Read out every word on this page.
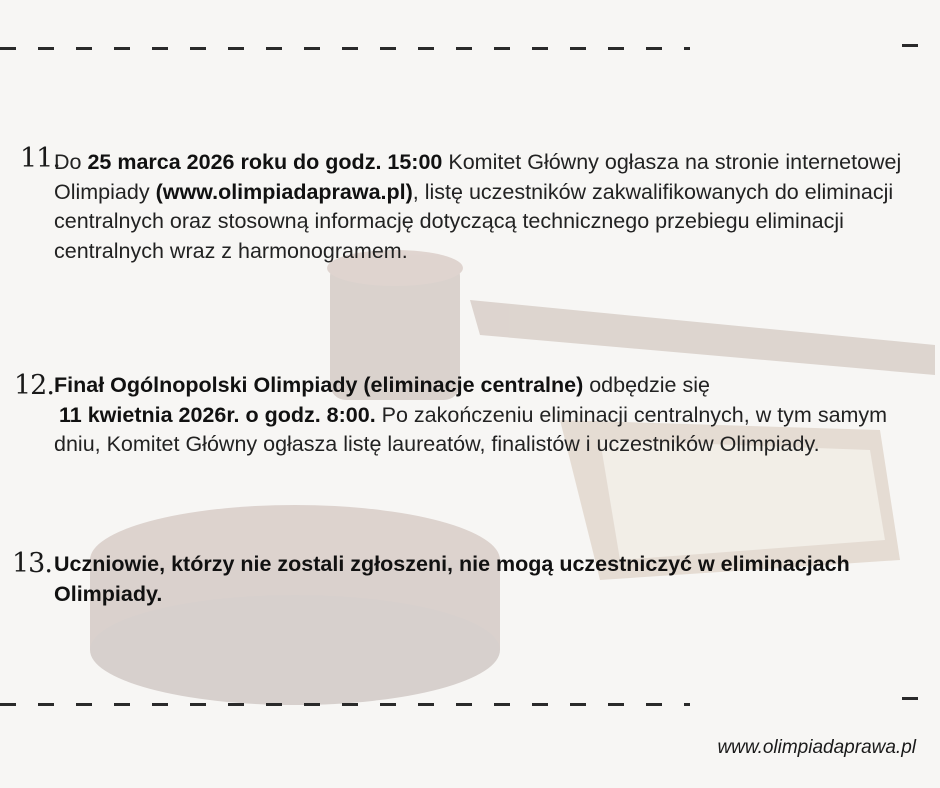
11.
Do 25 marca 2026 roku do godz. 15:00 Komitet Główny ogłasza na stronie internetowej Olimpiady (www.olimpiadaprawa.pl), listę uczestników zakwalifikowanych do eliminacji centralnych oraz stosowną informację dotyczącą technicznego przebiegu eliminacji centralnych wraz z harmonogramem.
12. Finał Ogólnopolski Olimpiady (eliminacje centralne) odbędzie się
11 kwietnia 2026r. o godz. 8:00. Po zakończeniu eliminacji centralnych, w tym samym dniu, Komitet Główny ogłasza listę laureatów, finalistów i uczestników Olimpiady.
13. Uczniowie, którzy nie zostali zgłoszeni, nie mogą uczestniczyć w eliminacjach Olimpiady.
www.olimpiadaprawa.pl
